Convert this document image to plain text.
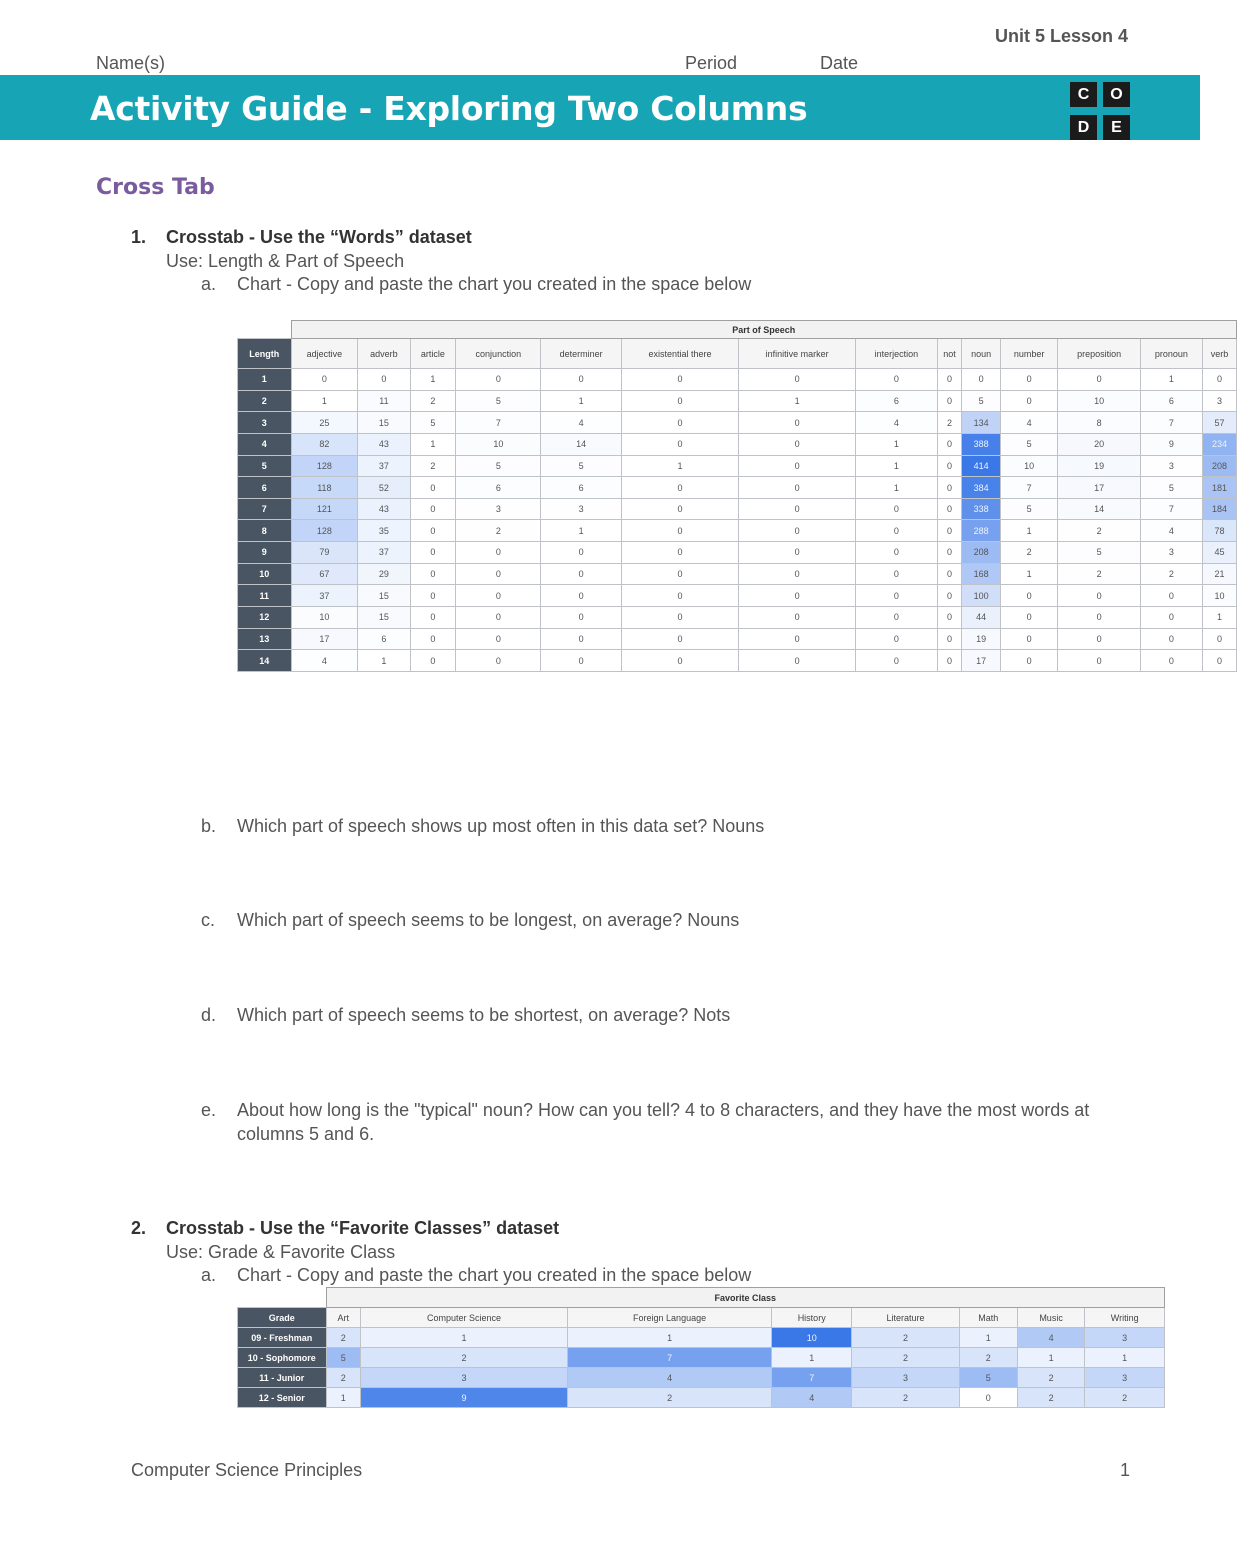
Unit 5 Lesson 4
Name(s)	Period	Date
Activity Guide - Exploring Two Columns	C	O
D	E
Cross Tab
1. Crosstab - Use the “Words” dataset
Use: Length & Part of Speech
a. Chart - Copy and paste the chart you created in the space below
	Part of Speech													
Length	adjective	adverb	article	conjunction	determiner	existential there	infinitive marker	interjection	not	noun	number	preposition	pronoun	verb
1	0	0	1	0	0	0	0	0	0	0	0	0	1	0
2	1	11	2	5	1	0	1	6	0	5	0	10	6	3
3	25	15	5	7	4	0	0	4	2	134	4	8	7	57
4	82	43	1	10	14	0	0	1	0	388	5	20	9	234
5	128	37	2	5	5	1	0	1	0	414	10	19	3	208
6	118	52	0	6	6	0	0	1	0	384	7	17	5	181
7	121	43	0	3	3	0	0	0	0	338	5	14	7	184
8	128	35	0	2	1	0	0	0	0	288	1	2	4	78
9	79	37	0	0	0	0	0	0	0	208	2	5	3	45
10	67	29	0	0	0	0	0	0	0	168	1	2	2	21
11	37	15	0	0	0	0	0	0	0	100	0	0	0	10
12	10	15	0	0	0	0	0	0	0	44	0	0	0	1
13	17	6	0	0	0	0	0	0	0	19	0	0	0	0
14	4	1	0	0	0	0	0	0	0	17	0	0	0	0
b. Which part of speech shows up most often in this data set? Nouns
c. Which part of speech seems to be longest, on average? Nouns
d. Which part of speech seems to be shortest, on average? Nots
e. About how long is the "typical" noun? How can you tell? 4 to 8 characters, and they have the most words at columns 5 and 6.
2. Crosstab - Use the “Favorite Classes” dataset
Use: Grade & Favorite Class
a. Chart - Copy and paste the chart you created in the space below
	Favorite Class							
Grade	Art	Computer Science	Foreign Language	History	Literature	Math	Music	Writing
09 - Freshman	2	1	1	10	2	1	4	3
10 - Sophomore	5	2	7	1	2	2	1	1
11 - Junior	2	3	4	7	3	5	2	3
12 - Senior	1	9	2	4	2	0	2	2
Computer Science Principles	1
